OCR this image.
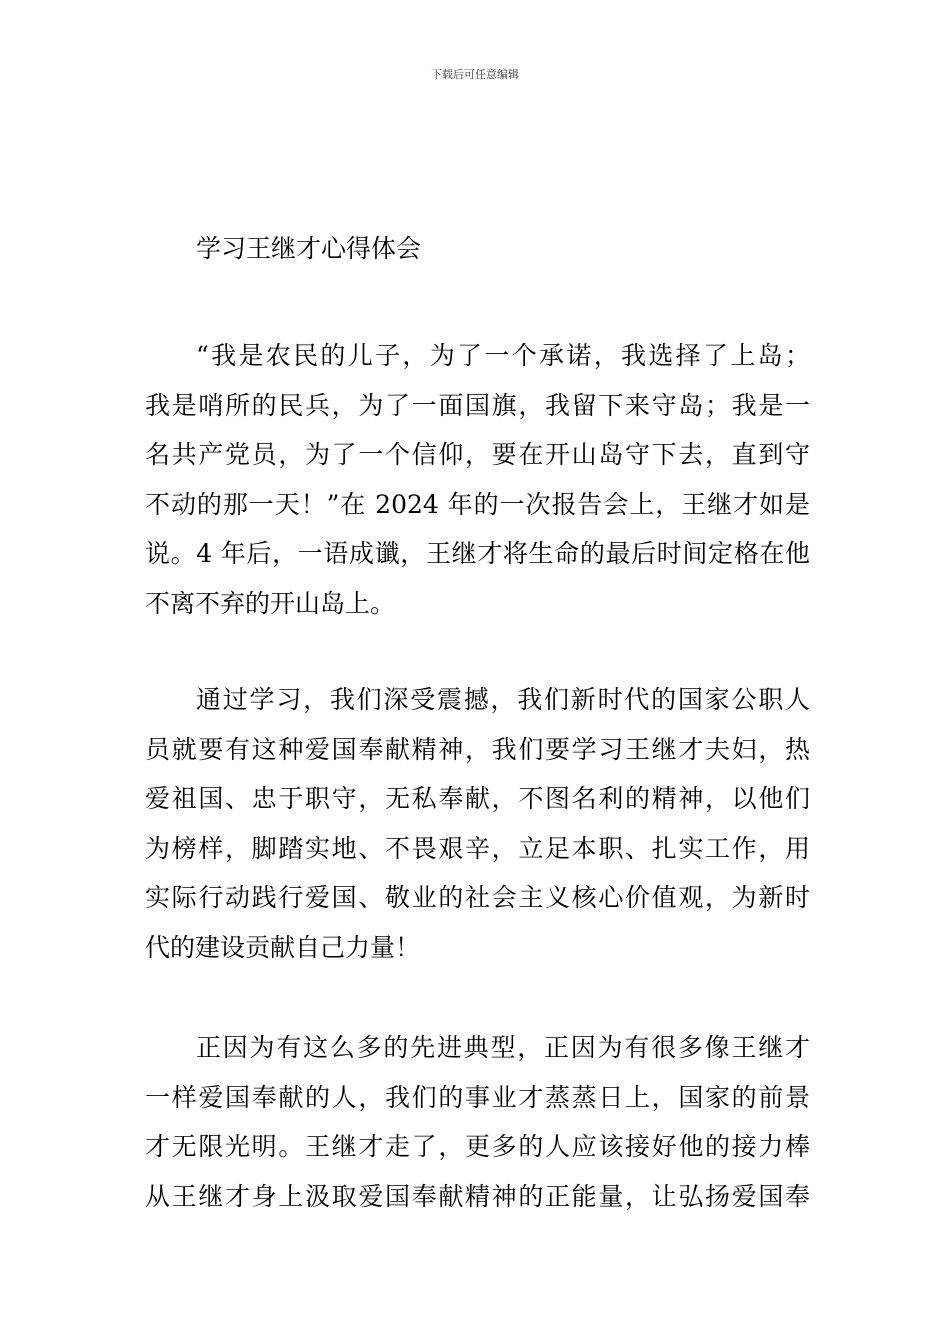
下载后可任意编辑
学习王继才心得体会
“我是农民的儿子，为了一个承诺，我选择了上岛；
我是哨所的民兵，为了一面国旗，我留下来守岛；我是一
名共产党员，为了一个信仰，要在开山岛守下去，直到守
不动的那一天！”在 2024 年的一次报告会上，王继才如是
说。4 年后，一语成谶，王继才将生命的最后时间定格在他
不离不弃的开山岛上。
通过学习，我们深受震撼，我们新时代的国家公职人
员就要有这种爱国奉献精神，我们要学习王继才夫妇，热
爱祖国、忠于职守，无私奉献，不图名利的精神，以他们
为榜样，脚踏实地、不畏艰辛，立足本职、扎实工作，用
实际行动践行爱国、敬业的社会主义核心价值观，为新时
代的建设贡献自己力量！
正因为有这么多的先进典型，正因为有很多像王继才
一样爱国奉献的人，我们的事业才蒸蒸日上，国家的前景
才无限光明。王继才走了，更多的人应该接好他的接力棒
从王继才身上汲取爱国奉献精神的正能量，让弘扬爱国奉
